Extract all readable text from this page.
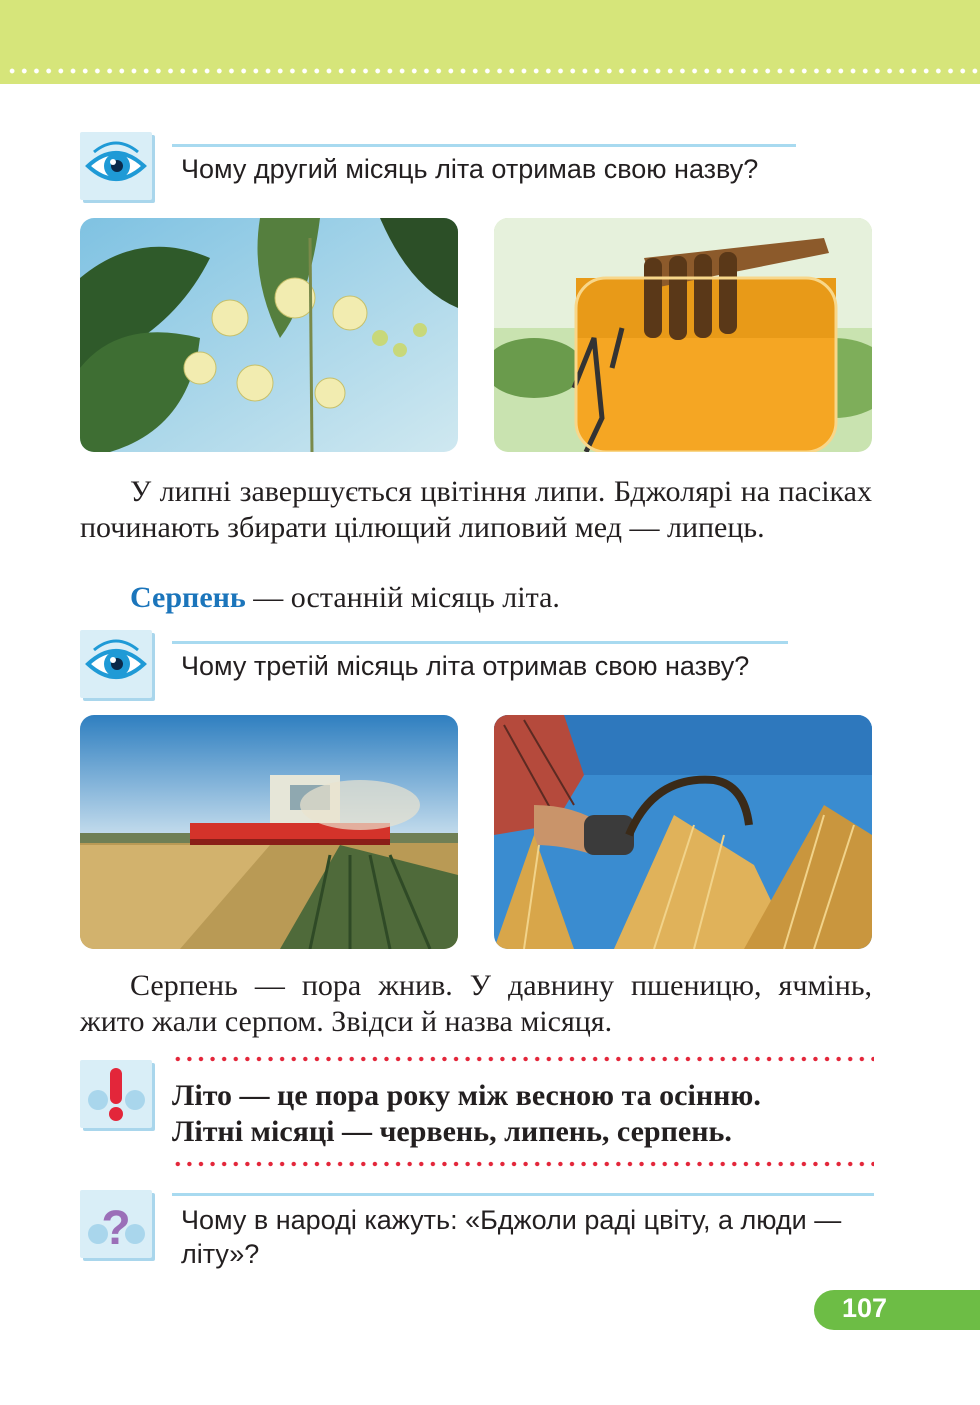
Чому другий місяць літа отримав свою назву?
У липні завершується цвітіння липи. Бджолярі на пасіках починають збирати цілющий липовий мед — липець.
Серпень — останній місяць літа.
Чому третій місяць літа отримав свою назву?
Серпень — пора жнив. У давнину пшеницю, ячмінь, жито жали серпом. Звідси й назва місяця.
Літо — це пора року між весною та осінню.
Літні місяці — червень, липень, серпень.
? Чому в народі кажуть: «Бджоли раді цвіту, а люди —
літу»?
107
